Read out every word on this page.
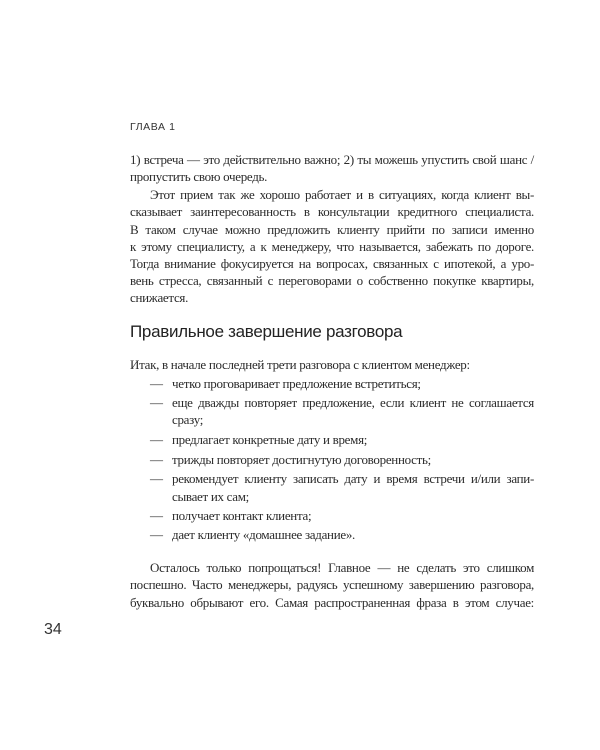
ГЛАВА 1
1) встреча — это действительно важно; 2) ты можешь упустить свой шанс /
пропустить свою очередь.
Этот прием так же хорошо работает и в ситуациях, когда клиент вы-
сказывает заинтересованность в консультации кредитного специалиста.
В таком случае можно предложить клиенту прийти по записи именно
к этому специалисту, а к менеджеру, что называется, забежать по дороге.
Тогда внимание фокусируется на вопросах, связанных с ипотекой, а уро-
вень стресса, связанный с переговорами о собственно покупке квартиры,
снижается.
Правильное завершение разговора
Итак, в начале последней трети разговора с клиентом менеджер:
— четко проговаривает предложение встретиться;
— еще дважды повторяет предложение, если клиент не соглашается
сразу;
— предлагает конкретные дату и время;
— трижды повторяет достигнутую договоренность;
— рекомендует клиенту записать дату и время встречи и/или запи-
сывает их сам;
— получает контакт клиента;
— дает клиенту «домашнее задание».
Осталось только попрощаться! Главное — не сделать это слишком
поспешно. Часто менеджеры, радуясь успешному завершению разговора,
буквально обрывают его. Самая распространенная фраза в этом случае:
34
